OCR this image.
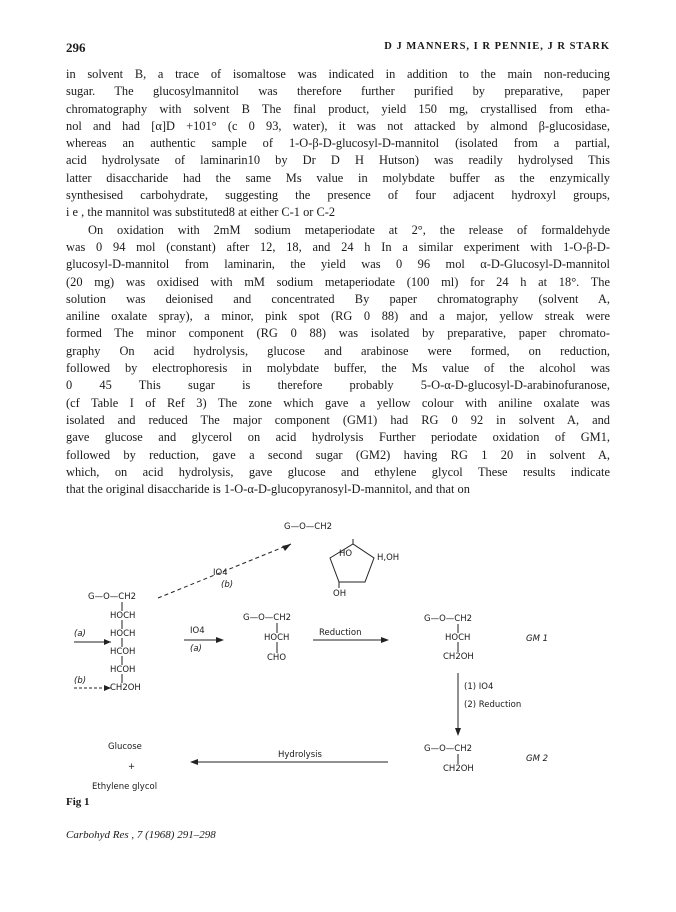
296	D J MANNERS, I R PENNIE, J R STARK
in solvent B, a trace of isomaltose was indicated in addition to the main non-reducing
sugar. The glucosylmannitol was therefore further purified by preparative, paper
chromatography with solvent B The final product, yield 150 mg, crystallised from etha-
nol and had [α]D +101° (c 0 93, water), it was not attacked by almond β-glucosidase,
whereas an authentic sample of 1-O-β-D-glucosyl-D-mannitol (isolated from a partial,
acid hydrolysate of laminarin10 by Dr D H Hutson) was readily hydrolysed This
latter disaccharide had the same Ms value in molybdate buffer as the enzymically
synthesised carbohydrate, suggesting the presence of four adjacent hydroxyl groups,
i e , the mannitol was substituted8 at either C-1 or C-2
On oxidation with 2mM sodium metaperiodate at 2°, the release of formaldehyde
was 0 94 mol (constant) after 12, 18, and 24 h In a similar experiment with 1-O-β-D-
glucosyl-D-mannitol from laminarin, the yield was 0 96 mol α-D-Glucosyl-D-mannitol
(20 mg) was oxidised with mM sodium metaperiodate (100 ml) for 24 h at 18°. The
solution was deionised and concentrated By paper chromatography (solvent A,
aniline oxalate spray), a minor, pink spot (RG 0 88) and a major, yellow streak were
formed The minor component (RG 0 88) was isolated by preparative, paper chromato-
graphy On acid hydrolysis, glucose and arabinose were formed, on reduction,
followed by electrophoresis in molybdate buffer, the Ms value of the alcohol was
0 45 This sugar is therefore probably 5-O-α-D-glucosyl-D-arabinofuranose,
(cf Table I of Ref 3) The zone which gave a yellow colour with aniline oxalate was
isolated and reduced The major component (GM1) had RG 0 92 in solvent A, and
gave glucose and glycerol on acid hydrolysis Further periodate oxidation of GM1,
followed by reduction, gave a second sugar (GM2) having RG 1 20 in solvent A,
which, on acid hydrolysis, gave glucose and ethylene glycol These results indicate
that the original disaccharide is 1-O-α-D-glucopyranosyl-D-mannitol, and that on
G—O—CH2
HO	H,OH
OH
IO4
(b)
G—O—CH2
HOCH
HOCH
HCOH
HCOH
CH2OH
(a)
(b)
IO4
(a)
G—O—CH2
HOCH
CHO
Reduction
G—O—CH2
HOCH
CH2OH
GM 1
(1) IO4
(2) Reduction
G—O—CH2
CH2OH
GM 2
Hydrolysis
Glucose
+
Ethylene glycol
Fig 1
Carbohyd Res , 7 (1968) 291–298
